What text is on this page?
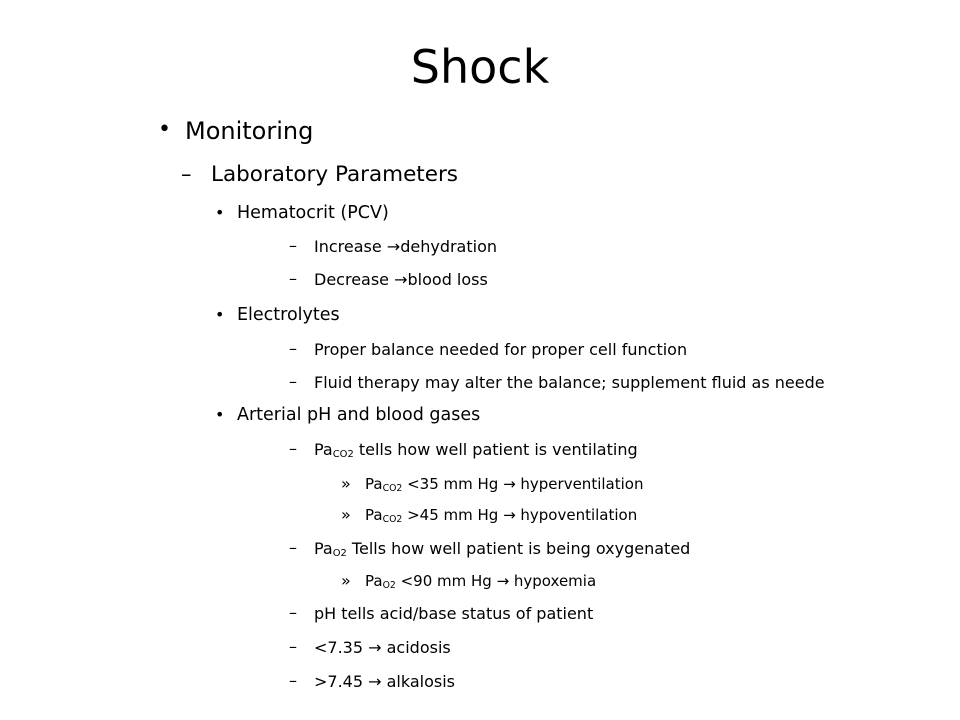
Shock
• Monitoring
– Laboratory Parameters
• Hematocrit (PCV)
– Increase →dehydration
– Decrease →blood loss
• Electrolytes
– Proper balance needed for proper cell function
– Fluid therapy may alter the balance; supplement fluid as neede
• Arterial pH and blood gases
– $Pa_{CO2}$ tells how well patient is ventilating
» $Pa_{CO2} <35$ mm Hg → hyperventilation
» $Pa_{CO2} >45$ mm Hg → hypoventilation
– $Pa_{O2}$ Tells how well patient is being oxygenated
» $Pa_{O2} <90$ mm Hg → hypoxemia
– pH tells acid/base status of patient
– <7.35 → acidosis
– >7.45 → alkalosis
